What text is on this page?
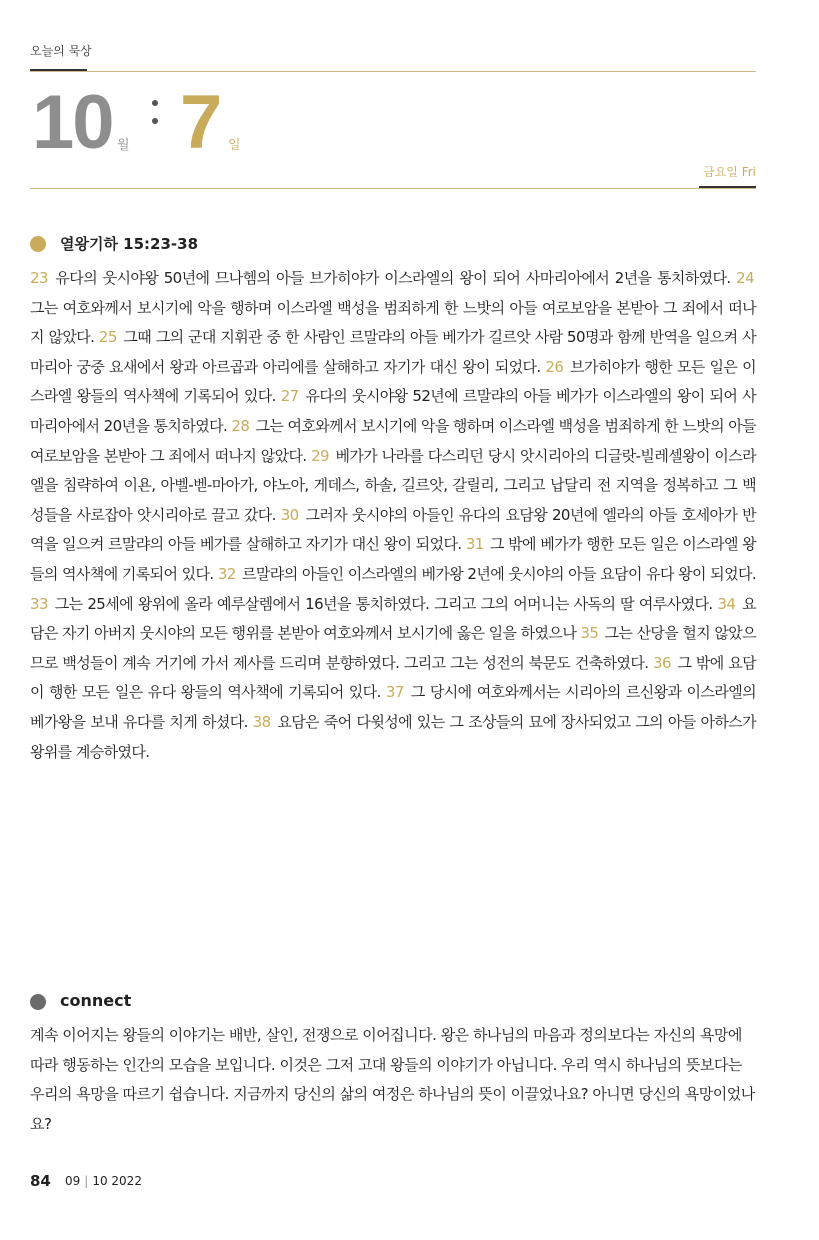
오늘의 묵상
10 월 7 일
금요일 Fri
열왕기하 15:23-38

23 유다의 웃시야왕 50년에 므나헴의 아들 브가히야가 이스라엘의 왕이 되어 사마리아에서 2년을 통치하였다. 24 그는 여호와께서 보시기에 악을 행하며 이스라엘 백성을 범죄하게 한 느밧의 아들 여로보암을 본받아 그 죄에서 떠나지 않았다. 25 그때 그의 군대 지휘관 중 한 사람인 르말랴의 아들 베가가 길르앗 사람 50명과 함께 반역을 일으켜 사마리아 궁중 요새에서 왕과 아르곱과 아리에를 살해하고 자기가 대신 왕이 되었다. 26 브가히야가 행한 모든 일은 이스라엘 왕들의 역사책에 기록되어 있다. 27 유다의 웃시야왕 52년에 르말랴의 아들 베가가 이스라엘의 왕이 되어 사마리아에서 20년을 통치하였다. 28 그는 여호와께서 보시기에 악을 행하며 이스라엘 백성을 범죄하게 한 느밧의 아들 여로보암을 본받아 그 죄에서 떠나지 않았다. 29 베가가 나라를 다스리던 당시 앗시리아의 디글랏-빌레셀왕이 이스라엘을 침략하여 이욘, 아벨-벧-마아가, 야노아, 게데스, 하솔, 길르앗, 갈릴리, 그리고 납달리 전 지역을 정복하고 그 백성들을 사로잡아 앗시리아로 끌고 갔다. 30 그러자 웃시야의 아들인 유다의 요담왕 20년에 엘라의 아들 호세아가 반역을 일으켜 르말랴의 아들 베가를 살해하고 자기가 대신 왕이 되었다. 31 그 밖에 베가가 행한 모든 일은 이스라엘 왕들의 역사책에 기록되어 있다. 32 르말랴의 아들인 이스라엘의 베가왕 2년에 웃시야의 아들 요담이 유다 왕이 되었다. 33 그는 25세에 왕위에 올라 예루살렘에서 16년을 통치하였다. 그리고 그의 어머니는 사독의 딸 여루사였다. 34 요담은 자기 아버지 웃시야의 모든 행위를 본받아 여호와께서 보시기에 옳은 일을 하였으나 35 그는 산당을 헐지 않았으므로 백성들이 계속 거기에 가서 제사를 드리며 분향하였다. 그리고 그는 성전의 북문도 건축하였다. 36 그 밖에 요담이 행한 모든 일은 유다 왕들의 역사책에 기록되어 있다. 37 그 당시에 여호와께서는 시리아의 르신왕과 이스라엘의 베가왕을 보내 유다를 치게 하셨다. 38 요담은 죽어 다윗성에 있는 그 조상들의 묘에 장사되었고 그의 아들 아하스가 왕위를 계승하였다.

connect

계속 이어지는 왕들의 이야기는 배반, 살인, 전쟁으로 이어집니다. 왕은 하나님의 마음과 정의보다는 자신의 욕망에 따라 행동하는 인간의 모습을 보입니다. 이것은 그저 고대 왕들의 이야기가 아닙니다. 우리 역시 하나님의 뜻보다는 우리의 욕망을 따르기 쉽습니다. 지금까지 당신의 삶의 여정은 하나님의 뜻이 이끌었나요? 아니면 당신의 욕망이었나요?

84 09 | 10 2022
